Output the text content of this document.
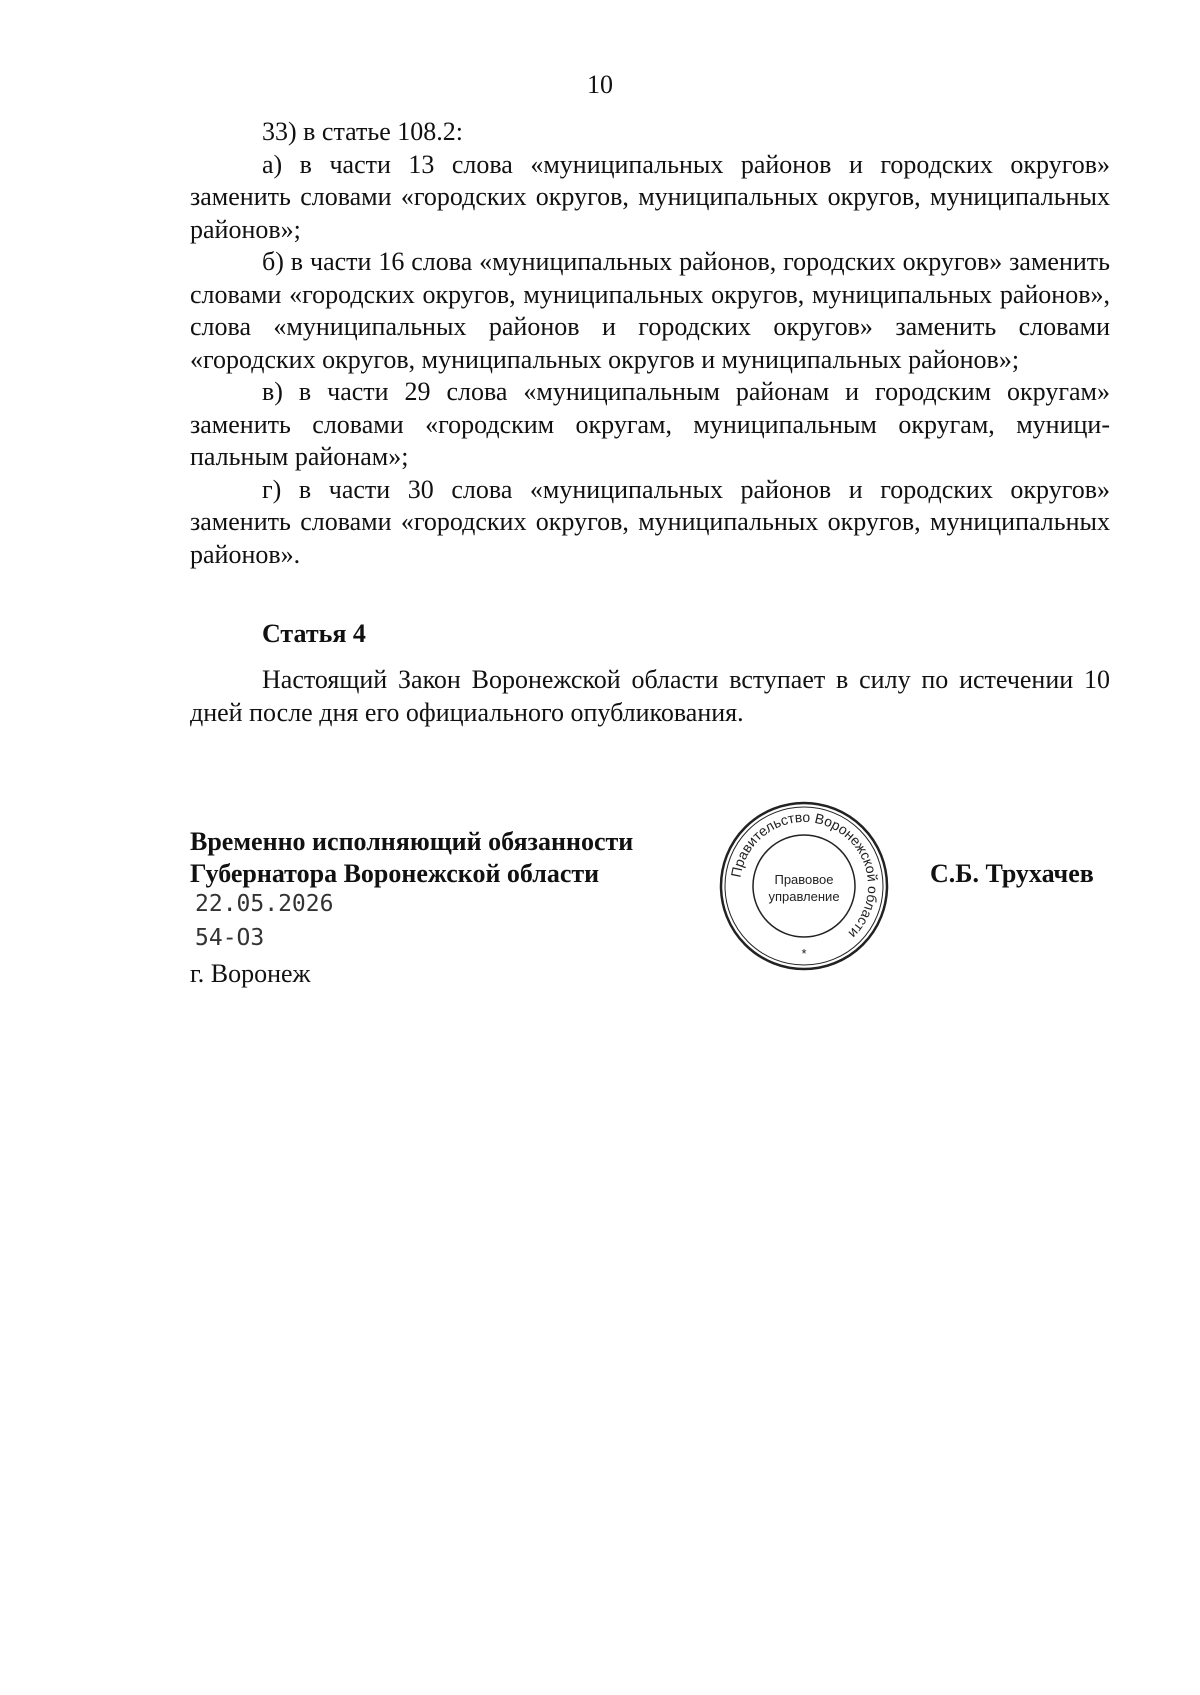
10

33) в статье 108.2:

а) в части 13 слова «муниципальных районов и городских округов» заменить словами «городских округов, муниципальных округов, муниципальных районов»;

б) в части 16 слова «муниципальных районов, городских округов» заменить словами «городских округов, муниципальных округов, муниципальных районов», слова «муниципальных районов и городских округов» заменить словами «городских округов, муниципальных округов и муниципальных районов»;

в) в части 29 слова «муниципальным районам и городским округам» заменить словами «городским округам, муниципальным округам, муниципальным районам»;

г) в части 30 слова «муниципальных районов и городских округов» заменить словами «городских округов, муниципальных округов, муниципальных районов».

Статья 4

Настоящий Закон Воронежской области вступает в силу по истечении 10 дней после дня его официального опубликования.

Временно исполняющий обязанности
Губернатора Воронежской области	Правительство Воронежской области
Правовое
управление
*
С.Б. Трухачев
22.05.2026
54-ОЗ
г. Воронеж
